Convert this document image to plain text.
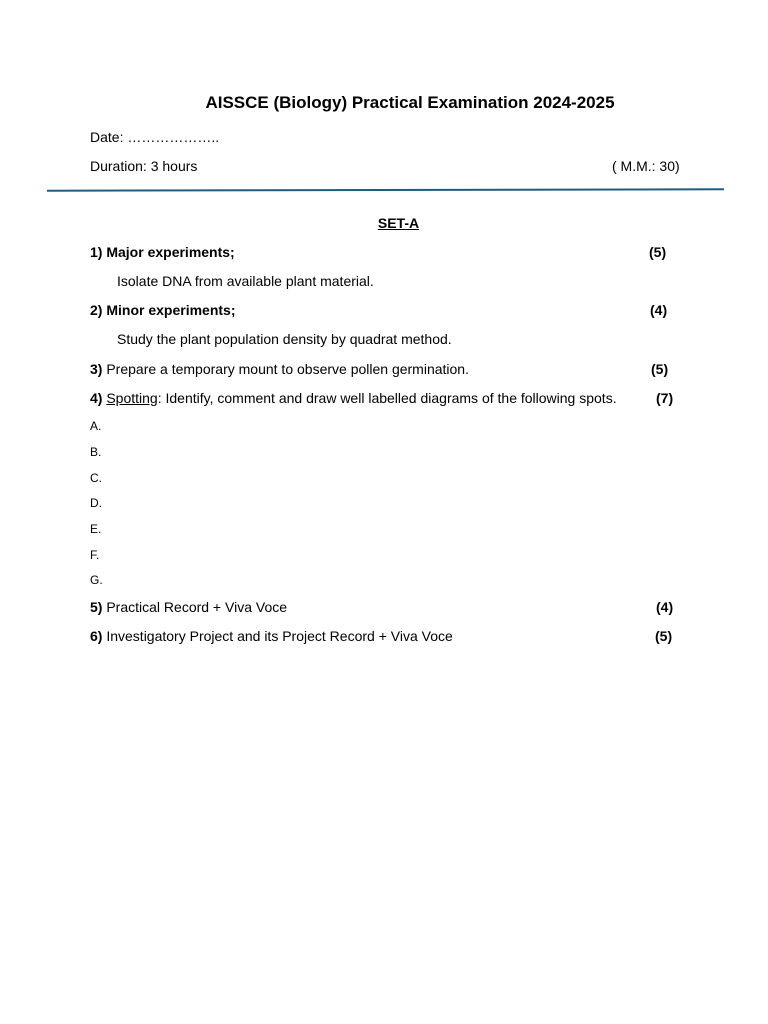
AISSCE (Biology) Practical Examination 2024-2025
Date: ………………..
Duration: 3 hours	( M.M.: 30)
SET-A
1) Major experiments;	(5)
Isolate DNA from available plant material.
2) Minor experiments;	(4)
Study the plant population density by quadrat method.
3) Prepare a temporary mount to observe pollen germination.	(5)
4) Spotting: Identify, comment and draw well labelled diagrams of the following spots.	(7)
A.
B.
C.
D.
E.
F.
G.
5) Practical Record + Viva Voce	(4)
6) Investigatory Project and its Project Record + Viva Voce	(5)
